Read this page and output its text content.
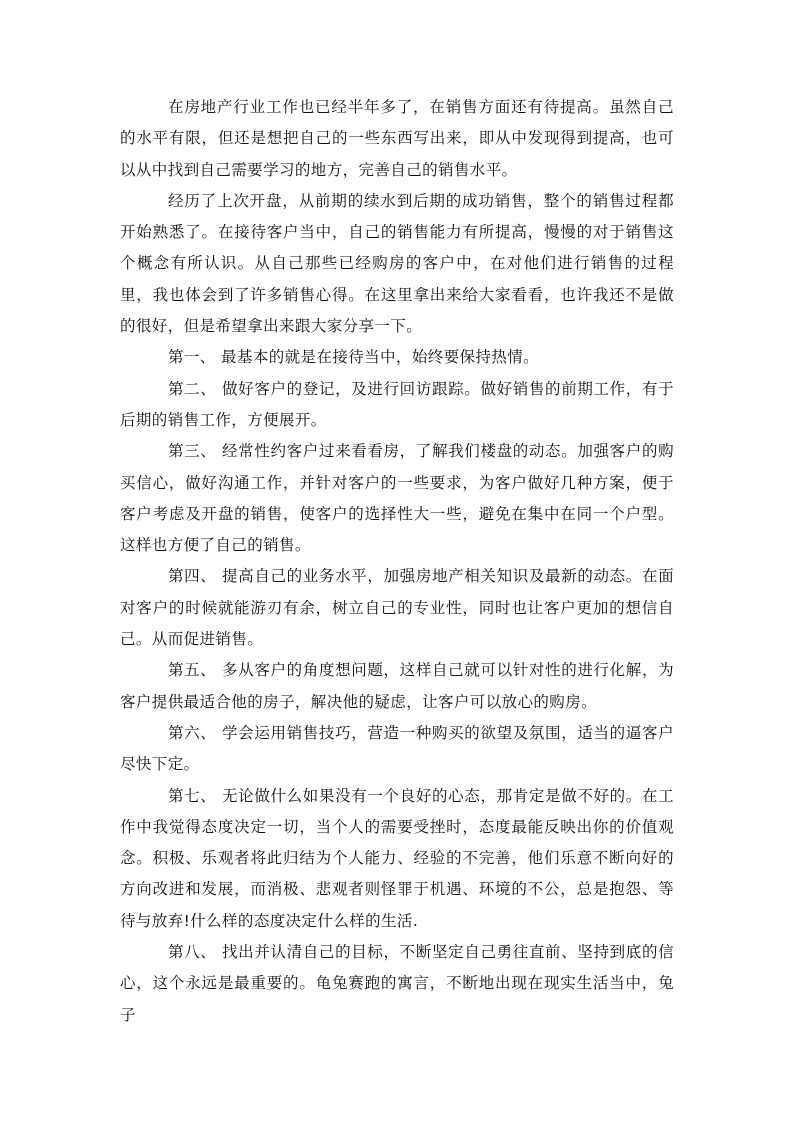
在房地产行业工作也已经半年多了，在销售方面还有待提高。虽然自己的水平有限，但还是想把自己的一些东西写出来，即从中发现得到提高，也可以从中找到自己需要学习的地方，完善自己的销售水平。

经历了上次开盘，从前期的续水到后期的成功销售，整个的销售过程都开始熟悉了。在接待客户当中，自己的销售能力有所提高，慢慢的对于销售这个概念有所认识。从自己那些已经购房的客户中，在对他们进行销售的过程里，我也体会到了许多销售心得。在这里拿出来给大家看看，也许我还不是做的很好，但是希望拿出来跟大家分享一下。

第一、 最基本的就是在接待当中，始终要保持热情。

第二、 做好客户的登记，及进行回访跟踪。做好销售的前期工作，有于后期的销售工作，方便展开。

第三、 经常性约客户过来看看房，了解我们楼盘的动态。加强客户的购买信心，做好沟通工作，并针对客户的一些要求，为客户做好几种方案，便于客户考虑及开盘的销售，使客户的选择性大一些，避免在集中在同一个户型。这样也方便了自己的销售。

第四、 提高自己的业务水平，加强房地产相关知识及最新的动态。在面对客户的时候就能游刃有余，树立自己的专业性，同时也让客户更加的想信自己。从而促进销售。

第五、 多从客户的角度想问题，这样自己就可以针对性的进行化解，为客户提供最适合他的房子，解决他的疑虑，让客户可以放心的购房。

第六、 学会运用销售技巧，营造一种购买的欲望及氛围，适当的逼客户尽快下定。

第七、 无论做什么如果没有一个良好的心态，那肯定是做不好的。在工作中我觉得态度决定一切，当个人的需要受挫时，态度最能反映出你的价值观念。积极、乐观者将此归结为个人能力、经验的不完善，他们乐意不断向好的方向改进和发展，而消极、悲观者则怪罪于机遇、环境的不公，总是抱怨、等待与放弃!什么样的态度决定什么样的生活.

第八、 找出并认清自己的目标，不断坚定自己勇往直前、坚持到底的信心，这个永远是最重要的。龟兔赛跑的寓言，不断地出现在现实生活当中，兔子
